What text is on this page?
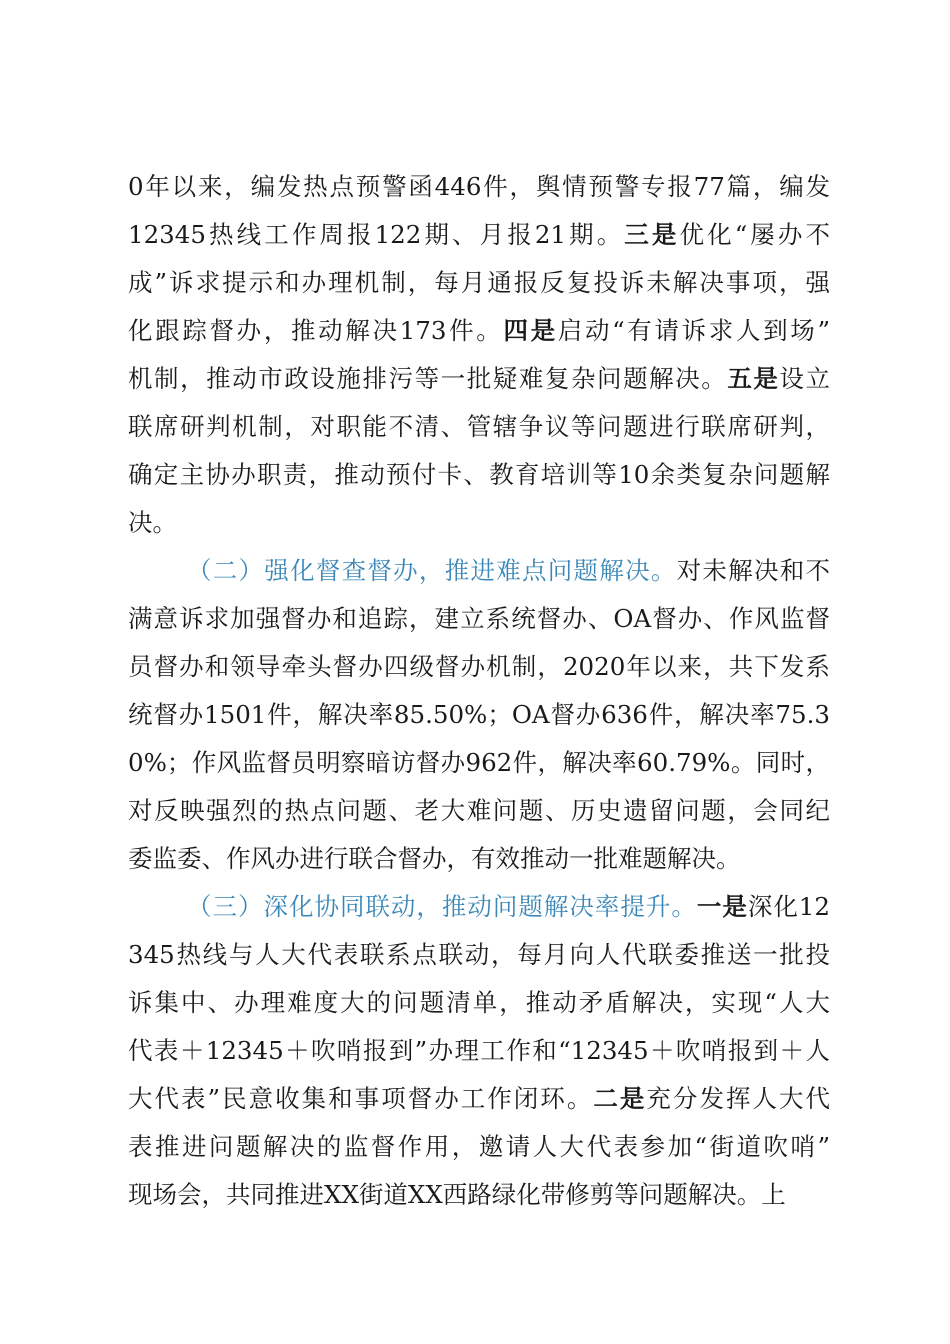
0年以来，编发热点预警函446件，舆情预警专报77篇，编发
12345热线工作周报122期、月报21期。三是优化“屡办不
成”诉求提示和办理机制，每月通报反复投诉未解决事项，强
化跟踪督办，推动解决173件。四是启动“有请诉求人到场”
机制，推动市政设施排污等一批疑难复杂问题解决。五是设立
联席研判机制，对职能不清、管辖争议等问题进行联席研判，
确定主协办职责，推动预付卡、教育培训等10余类复杂问题解
决。
（二）强化督查督办，推进难点问题解决。对未解决和不
满意诉求加强督办和追踪，建立系统督办、OA督办、作风监督
员督办和领导牵头督办四级督办机制，2020年以来，共下发系
统督办1501件，解决率85.50%；OA督办636件，解决率75.3
0%；作风监督员明察暗访督办962件，解决率60.79%。同时，
对反映强烈的热点问题、老大难问题、历史遗留问题，会同纪
委监委、作风办进行联合督办，有效推动一批难题解决。
（三）深化协同联动，推动问题解决率提升。一是深化12
345热线与人大代表联系点联动，每月向人代联委推送一批投
诉集中、办理难度大的问题清单，推动矛盾解决，实现“人大
代表＋12345＋吹哨报到”办理工作和“12345＋吹哨报到＋人
大代表”民意收集和事项督办工作闭环。二是充分发挥人大代
表推进问题解决的监督作用，邀请人大代表参加“街道吹哨”
现场会，共同推进XX街道XX西路绿化带修剪等问题解决。上
